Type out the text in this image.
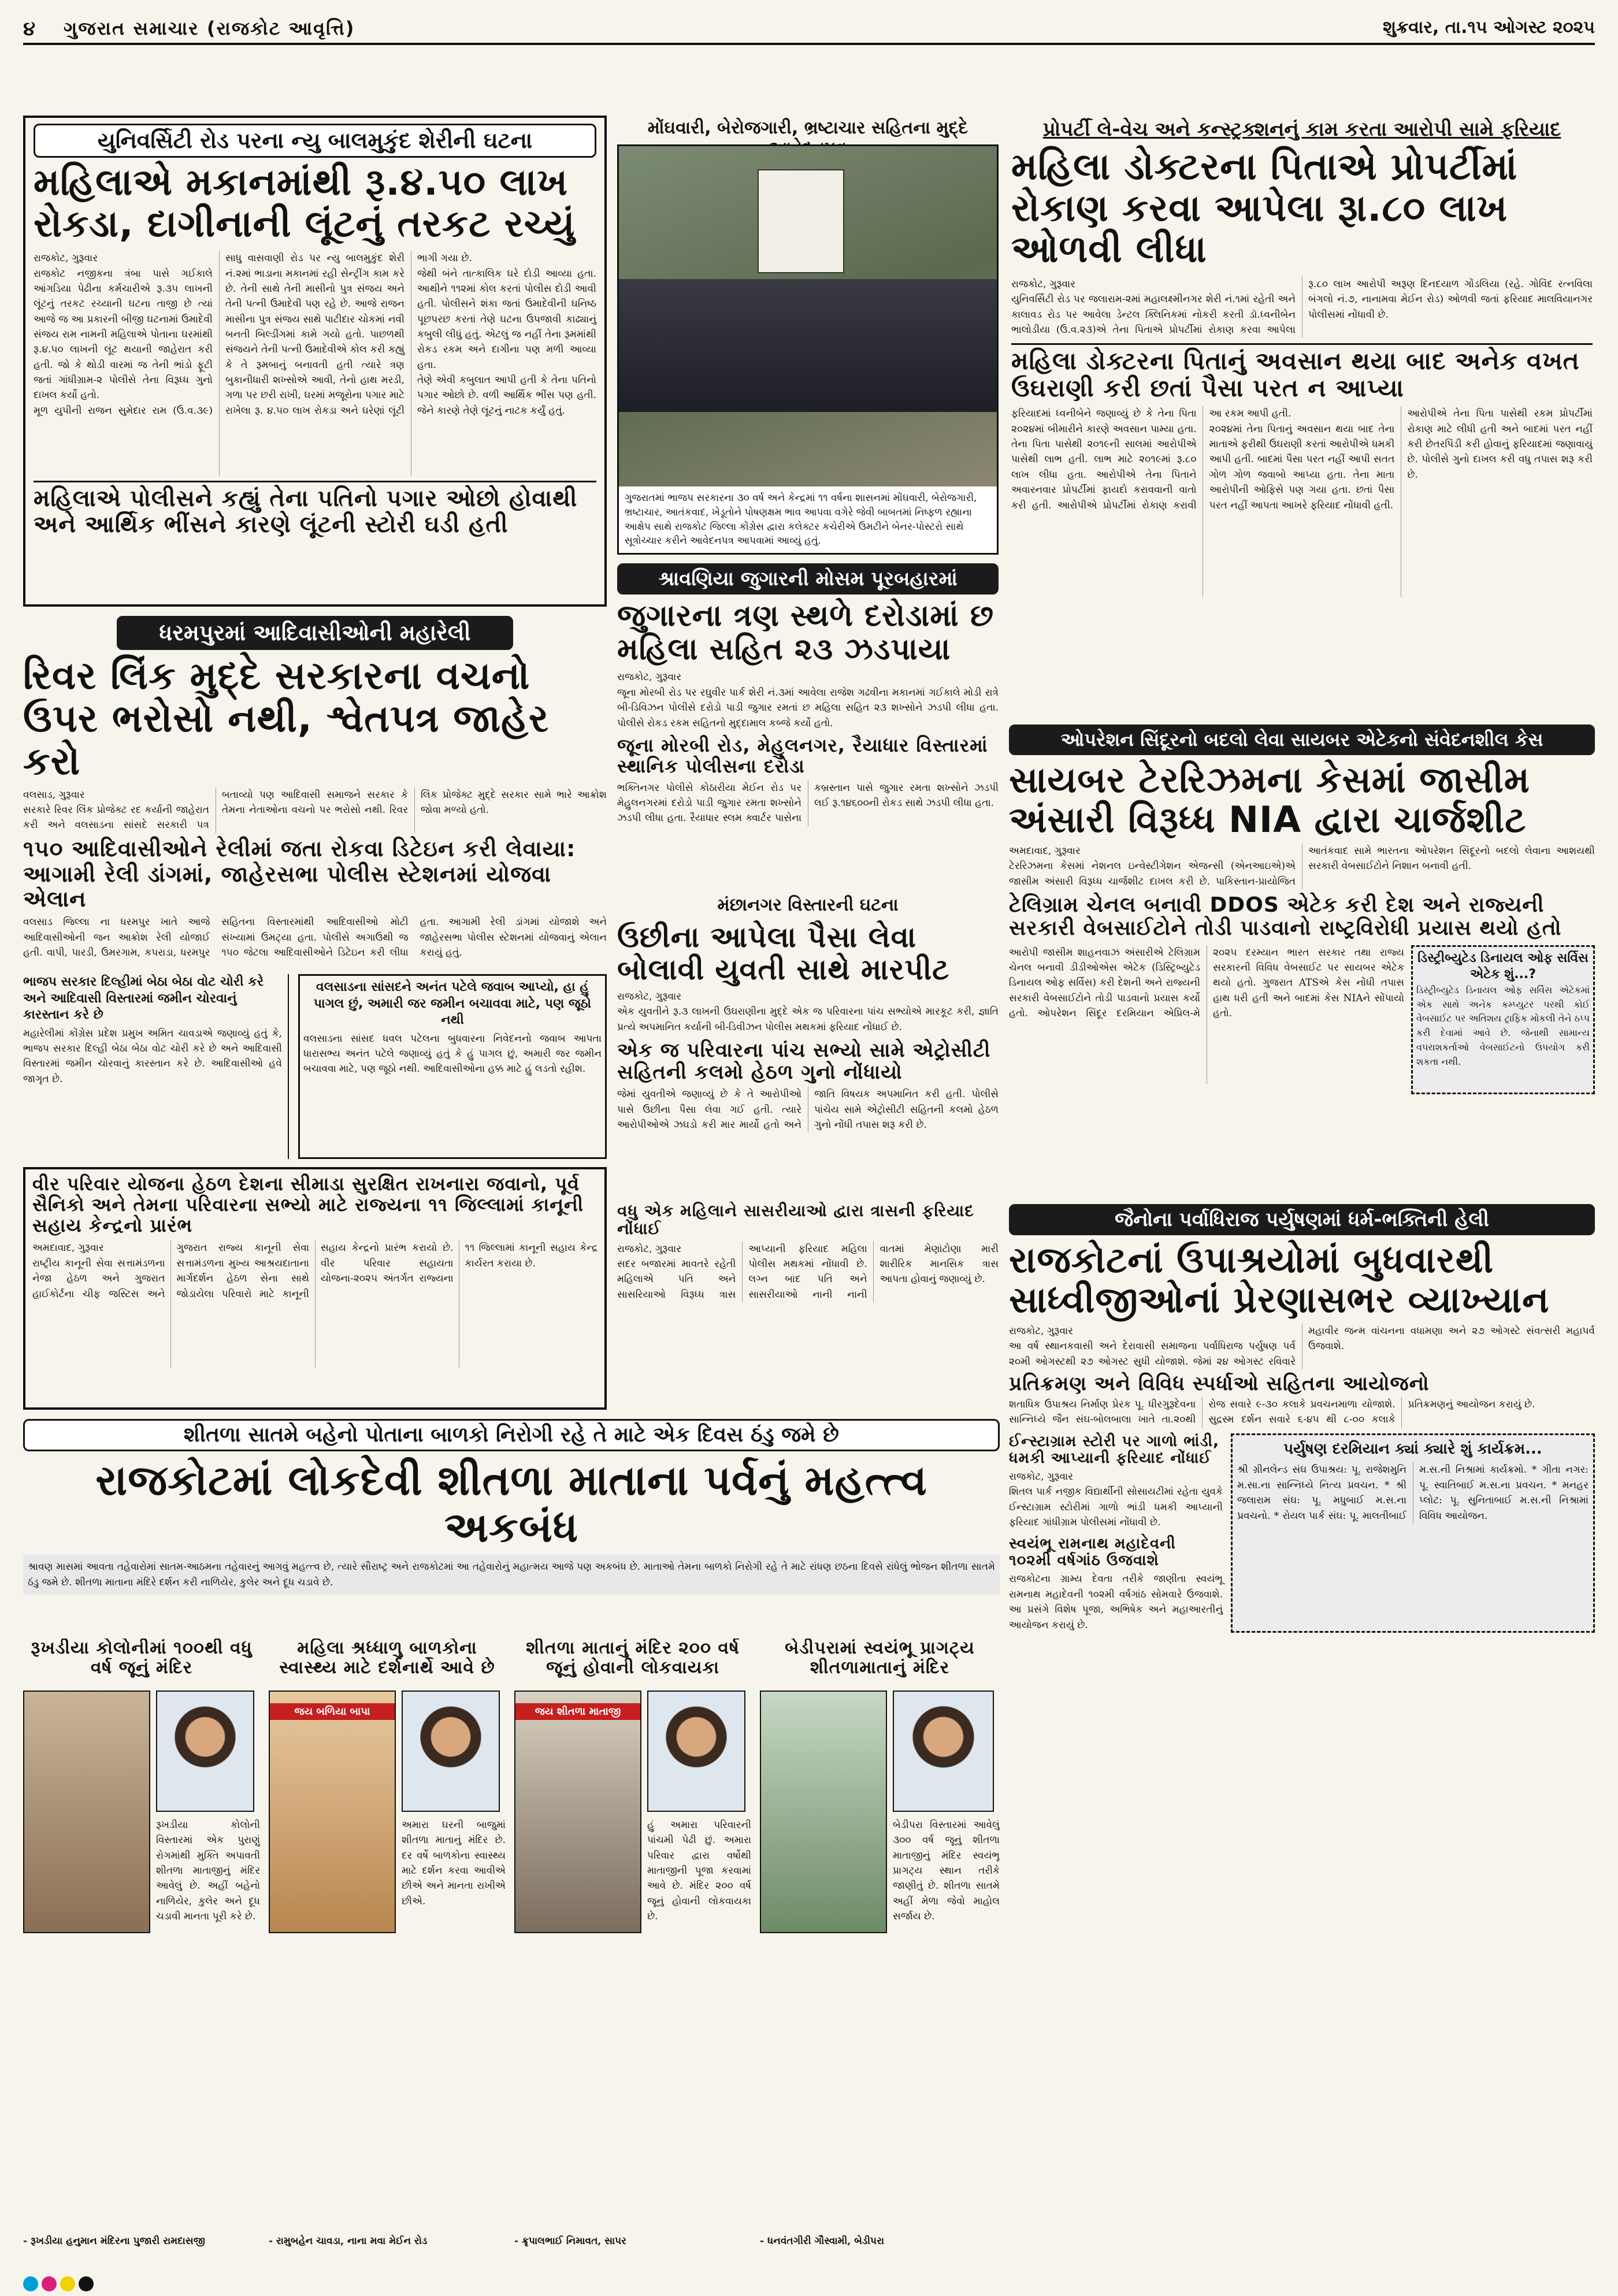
૪ ગુજરાત સમાચાર (રાજકોટ આવૃત્તિ)	શુક્રવાર, તા.૧૫ ઓગસ્ટ ૨૦૨૫
યુનિવર્સિટી રોડ પરના ન્યુ બાલમુકુંદ શેરીની ઘટના
મહિલાએ મકાનમાંથી રૂ.૪.૫૦ લાખ રોકડા, દાગીનાની લૂંટનું તરકટ રચ્યું
રાજકોટ, ગુરૂવાર
રાજકોટ નજીકના ત્રંબા પાસે ગઈકાલે આંગડિયા પેઢીના કર્મચારીએ રૂ.૩૫ લાખની લૂંટનું તરકટ રચ્યાની ઘટના તાજી છે ત્યાં આજે જ આ પ્રકારની બીજી ઘટનામાં ઉમાદેવી સંજય રામ નામની મહિલાએ પોતાના ઘરમાંથી રૂ.૪.૫૦ લાખની લૂંટ થયાની જાહેરાત કરી હતી. જો કે થોડી વારમાં જ તેની ભાંડો ફૂટી જતાં ગાંધીગ્રામ-૨ પોલીસે તેના વિરૂધ્ધ ગુનો દાખલ કર્યો હતો.
મૂળ યુપીની રાજન સુમેદાર રામ (ઉ.વ.૩૯) સાધુ વાસવાણી રોડ પર ન્યુ બાલમુકુંદ શેરી નં.૨માં ભાડાના મકાનમાં રહી સેન્ટ્રીંગ કામ કરે છે. તેની સાથે તેની માસીનો પુત્ર સંજય અને તેની પત્ની ઉમાદેવી પણ રહે છે. આજે રાજન માસીના પુત્ર સંજય સાથે પાટીદાર ચોકમાં નવી બનતી બિલ્ડીંગમાં કામે ગયો હતો. પાછળથી સંજયને તેની પત્ની ઉમાદેવીએ કોલ કરી કહ્યું કે તે રૂમબાનું બનાવતી હતી ત્યારે ત્રણ બુકાનીધારી શખ્સોએ આવી, તેનો હાથ મરડી, ગળા પર છરી રાખી, ઘરમાં મજૂરોના પગાર માટે રાખેલા રૂ. ૪.૫૦ લાખ રોકડા અને ઘરેણાં લૂંટી ભાગી ગયા છે.
જેથી બંને તાત્કાલિક ઘરે દોડી આવ્યા હતા. આથીને ૧૧૨માં કોલ કરતાં પોલીસ દોડી આવી હતી. પોલીસને શંકા જતાં ઉમાદેવીની ઘનિષ્ઠ પૂછપરછ કરતાં તેણે ઘટના ઉપજાવી કાઢ્યાનું કબુલી લીધું હતું. એટલું જ નહીં તેના રૂમમાંથી રોકડ રકમ અને દાગીના પણ મળી આવ્યા હતા.
તેણે એવી કબુલાત આપી હતી કે તેના પતિનો પગાર ઓછો છે. વળી આર્થિક ભીંસ પણ હતી. જેને કારણે તેણે લૂંટનું નાટક કર્યું હતું.
મહિલાએ પોલીસને કહ્યું તેના પતિનો પગાર ઓછો હોવાથી અને આર્થિક ભીંસને કારણે લૂંટની સ્ટોરી ઘડી હતી
મોંઘવારી, બેરોજગારી, ભ્રષ્ટાચાર સહિતના મુદ્દે
ગુજરાતમાં ભાજપ સરકારના ૩૦ વર્ષ અને કેન્દ્રમાં ૧૧ વર્ષના શાસનમાં મોંઘવારી, બેરોજગારી, ભ્રષ્ટાચાર, આતંકવાદ, ખેડૂતોને પોષણક્ષમ ભાવ આપવા વગેરે જેવી બાબતમાં નિષ્ફળ રહ્યાના આક્ષેપ સાથે રાજકોટ જિલ્લા કોંગ્રેસ દ્વારા કલેક્ટર કચેરીએ ઉમટીને બેનર-પોસ્ટરો સાથે સૂત્રોચ્ચાર કરીને આવેદનપત્ર આપવામાં આવ્યું હતું.
પ્રોપર્ટી લે-વેચ અને કન્સ્ટ્રક્શનનું કામ કરતા આરોપી સામે ફરિયાદ
મહિલા ડોક્ટરના પિતાએ પ્રોપર્ટીમાં રોકાણ કરવા આપેલા રૂા.૮૦ લાખ ઓળવી લીધા
રાજકોટ, ગુરૂવાર
યુનિવર્સિટી રોડ પર જલારામ-૨માં મહાલક્ષ્મીનગર શેરી નં.૧માં રહેતી અને કાલાવડ રોડ પર આવેલા ડેન્ટલ ક્લિનિકમાં નોકરી કરતી ડૉ.ધ્વનીબેન ભાલોડીયા (ઉ.વ.૨૩)એ તેના પિતાએ પ્રોપર્ટીમાં રોકાણ કરવા આપેલા રૂ.૮૦ લાખ આરોપી અરૂણ દિનદયાળ ગોંડલિયા (રહે. ગોવિંદ રત્નવિલા બંગલો નં.૭, નાનામવા મેઈન રોડ) ઓળવી જતાં ફરિયાદ માલવિયાનગર પોલીસમાં નોંધાવી છે.
મહિલા ડોક્ટરના પિતાનું અવસાન થયા બાદ અનેક વખત ઉઘરાણી કરી છતાં પૈસા પરત ન આપ્યા
ફરિયાદમાં ધ્વનીબેને જણાવ્યું છે કે તેના પિતા ૨૦૨૪માં બીમારીને કારણે અવસાન પામ્યા હતા. તેના પિતા પાસેથી ૨૦૧૯ની સાલમાં આરોપીએ પાસેથી લાભ હતી. લાભ માટે ૨૦૧૯માં રૂ.૮૦ લાખ લીધા હતા. આરોપીએ તેના પિતાને અવારનવાર પ્રોપર્ટીમાં ફાયદો કરાવવાની વાતો કરી હતી. આરોપીએ પ્રોપર્ટીમાં રોકાણ કરાવી આ રકમ આપી હતી.
૨૦૨૪માં તેના પિતાનું અવસાન થયા બાદ તેના માતાએ ફરીથી ઉઘરાણી કરતાં આરોપીએ ધમકી આપી હતી. બાદમાં પૈસા પરત નહીં આપી સતત ગોળ ગોળ જવાબો આપ્યા હતા. તેના માતા આરોપીની ઓફિસે પણ ગયા હતા. છતાં પૈસા પરત નહીં આપતા આખરે ફરિયાદ નોંધાવી હતી.
આરોપીએ તેના પિતા પાસેથી રકમ પ્રોપર્ટીમાં રોકાણ માટે લીધી હતી અને બાદમાં પરત નહીં કરી છેતરપિંડી કરી હોવાનું ફરિયાદમાં જણાવાયું છે. પોલીસે ગુનો દાખલ કરી વધુ તપાસ શરૂ કરી છે.
શ્રાવણિયા જુગારની મોસમ પૂરબહારમાં
જુગારના ત્રણ સ્થળે દરોડામાં છ મહિલા સહિત ૨૩ ઝડપાયા
રાજકોટ, ગુરૂવાર
જૂના મોરબી રોડ પર રઘુવીર પાર્ક શેરી નં.૩માં આવેલા રાજેશ ગઢવીના મકાનમાં ગઈકાલે મોડી રાત્રે બી-ડિવિઝન પોલીસે દરોડો પાડી જુગાર રમતાં છ મહિલા સહિત ૨૩ શખ્સોને ઝડપી લીધા હતા. પોલીસે રોકડ રકમ સહિતનો મુદ્દામાલ કબ્જે કર્યો હતો.
જૂના મોરબી રોડ, મેહુલનગર, રૈયાધાર વિસ્તારમાં સ્થાનિક પોલીસના દરોડા
ભક્તિનગર પોલીસે કોઠારીયા મેઈન રોડ પર મેહુલનગરમાં દરોડો પાડી જુગાર રમતા શખ્સોને ઝડપી લીધા હતા. રૈયાધાર સ્લમ ક્વાર્ટર પાસેના કબ્રસ્તાન પાસે જુગાર રમતા શખ્સોને ઝડપી લઈ રૂ.૧૪૬૦૦ની રોકડ સાથે ઝડપી લીધા હતા.
ધરમપુરમાં આદિવાસીઓની મહારેલી
રિવર લિંક મુદ્દે સરકારના વચનો ઉપર ભરોસો નથી, શ્વેતપત્ર જાહેર કરો
વલસાડ, ગુરૂવાર
સરકારે રિવર લિંક પ્રોજેક્ટ રદ કર્યાની જાહેરાત કરી અને વલસાડના સાંસદે સરકારી પત્ર બતાવ્યો પણ આદિવાસી સમાજને સરકાર કે તેમના નેતાઓના વચનો પર ભરોસો નથી. રિવર લિંક પ્રોજેક્ટ મુદ્દે સરકાર સામે ભારે આક્રોશ જોવા મળ્યો હતો.
૧૫૦ આદિવાસીઓને રેલીમાં જતા રોકવા ડિટેઇન કરી લેવાયા:
આગામી રેલી ડાંગમાં, જાહેરસભા પોલીસ સ્ટેશનમાં યોજવા એલાન
વલસાડ જિલ્લા ના ધરમપુર ખાતે આજે આદિવાસીઓની જન આક્રોશ રેલી યોજાઈ હતી. વાપી, પારડી, ઉમરગામ, કપરાડા, ધરમપુર સહિતના વિસ્તારમાંથી આદિવાસીઓ મોટી સંખ્યામાં ઉમટ્યા હતા. પોલીસે અગાઉથી જ ૧૫૦ જેટલા આદિવાસીઓને ડિટેઇન કરી લીધા હતા. આગામી રેલી ડાંગમાં યોજાશે અને જાહેરસભા પોલીસ સ્ટેશનમાં યોજવાનું એલાન કરાયું હતું.
ભાજપ સરકાર દિલ્હીમાં બેઠા બેઠા વોટ ચોરી કરે અને આદિવાસી વિસ્તારમાં જમીન ચોરવાનું કારસ્તાન કરે છે
મહારેલીમાં કોંગ્રેસ પ્રદેશ પ્રમુખ અમિત ચાવડાએ જણાવ્યું હતું કે, ભાજપ સરકાર દિલ્હી બેઠા બેઠા વોટ ચોરી કરે છે અને આદિવાસી વિસ્તારમાં જમીન ચોરવાનું કારસ્તાન કરે છે. આદિવાસીઓ હવે જાગૃત છે.
વલસાડના સાંસદને અનંત પટેલે જવાબ આપ્યો, હા હું પાગલ છું, અમારી જર જમીન બચાવવા માટે, પણ જૂઠો નથી
વલસાડના સાંસદ ધવલ પટેલના બુધવારના નિવેદનનો જવાબ આપતા ધારાસભ્ય અનંત પટેલે જણાવ્યું હતું કે હું પાગલ છું, અમારી જર જમીન બચાવવા માટે, પણ જૂઠો નથી. આદિવાસીઓના હક્ક માટે હું લડતો રહીશ.
ઓપરેશન સિંદૂરનો બદલો લેવા સાયબર એટેકનો સંવેદનશીલ કેસ
સાયબર ટેરરિઝમના કેસમાં જાસીમ અંસારી વિરૂધ્ધ NIA દ્વારા ચાર્જશીટ
અમદાવાદ, ગુરૂવાર
ટેરરિઝમના કેસમાં નેશનલ ઇન્વેસ્ટીગેશન એજન્સી (એનઆઇએ)એ જાસીમ અંસારી વિરૂધ્ધ ચાર્જશીટ દાખલ કરી છે. પાકિસ્તાન-પ્રાયોજિત આતંકવાદ સામે ભારતના ઓપરેશન સિંદૂરનો બદલો લેવાના આશયથી સરકારી વેબસાઈટોને નિશાન બનાવી હતી.
ટેલિગ્રામ ચેનલ બનાવી DDOS એટેક કરી દેશ અને રાજ્યની સરકારી વેબસાઈટોને તોડી પાડવાનો રાષ્ટ્રવિરોધી પ્રયાસ થયો હતો
આરોપી જાસીમ શાહનવાઝ અંસારીએ ટેલિગ્રામ ચેનલ બનાવી ડીડીઓએસ એટેક (ડિસ્ટ્રિબ્યુટેડ ડિનાયલ ઓફ સર્વિસ) કરી દેશની અને રાજ્યની સરકારી વેબસાઈટોને તોડી પાડવાનો પ્રયાસ કર્યો હતો. ઓપરેશન સિંદૂર દરમિયાન એપ્રિલ-મે ૨૦૨૫ દરમ્યાન ભારત સરકાર તથા રાજ્ય સરકારની વિવિધ વેબસાઈટ પર સાયબર એટેક થયો હતો. ગુજરાત ATSએ કેસ નોંધી તપાસ હાથ ધરી હતી અને બાદમાં કેસ NIAને સોંપાયો હતો.
ડિસ્ટ્રીબ્યુટેડ ડિનાયલ ઓફ સર્વિસ એટેક શું...?
ડિસ્ટ્રીબ્યુટેડ ડિનાયલ ઓફ સર્વિસ એટેકમાં એક સાથે અનેક કમ્પ્યુટર પરથી કોઈ વેબસાઈટ પર અતિશય ટ્રાફિક મોકલી તેને ઠપ્પ કરી દેવામાં આવે છે. જેનાથી સામાન્ય વપરાશકર્તાઓ વેબસાઈટનો ઉપયોગ કરી શકતા નથી.
મંછાનગર વિસ્તારની ઘટના
ઉછીના આપેલા પૈસા લેવા બોલાવી યુવતી સાથે મારપીટ
રાજકોટ, ગુરૂવાર
એક યુવતીને રૂ.૩ લાખની ઉઘરાણીના મુદ્દે એક જ પરિવારના પાંચ સભ્યોએ મારકૂટ કરી, જ્ઞાતિ પ્રત્યે અપમાનિત કર્યાની બી-ડિવીઝન પોલીસ મથકમાં ફરિયાદ નોંધાઈ છે.
એક જ પરિવારના પાંચ સભ્યો સામે એટ્રોસીટી સહિતની કલમો હેઠળ ગુનો નોંધાયો
જેમાં યુવતીએ જણાવ્યું છે કે તે આરોપીઓ પાસે ઉછીના પૈસા લેવા ગઈ હતી. ત્યારે આરોપીઓએ ઝઘડો કરી માર માર્યો હતો અને જાતિ વિષયક અપમાનિત કરી હતી. પોલીસે પાંચેય સામે એટ્રોસીટી સહિતની કલમો હેઠળ ગુનો નોંધી તપાસ શરૂ કરી છે.
વીર પરિવાર યોજના હેઠળ દેશના સીમાડા સુરક્ષિત રાખનારા જવાનો, પૂર્વ સૈનિકો અને તેમના પરિવારના સભ્યો માટે રાજ્યના ૧૧ જિલ્લામાં કાનૂની સહાય કેન્દ્રનો પ્રારંભ
અમદાવાદ, ગુરૂવાર
રાષ્ટ્રીય કાનૂની સેવા સત્તામંડળના નેજા હેઠળ અને ગુજરાત હાઈકોર્ટના ચીફ જસ્ટિસ અને ગુજરાત રાજ્ય કાનૂની સેવા સત્તામંડળના મુખ્ય આશ્રયદાતાના માર્ગદર્શન હેઠળ સેના સાથે જોડાયેલા પરિવારો માટે કાનૂની સહાય કેન્દ્રનો પ્રારંભ કરાયો છે. વીર પરિવાર સહાયતા યોજના-૨૦૨૫ અંતર્ગત રાજ્યના ૧૧ જિલ્લામાં કાનૂની સહાય કેન્દ્ર કાર્યરત કરાયા છે.
વધુ એક મહિલાને સાસરીયાઓ દ્વારા ત્રાસની ફરિયાદ નોંધાઈ
રાજકોટ, ગુરૂવાર
સદર બજારમાં માવતરે રહેતી મહિલાએ પતિ અને સાસરિયાઓ વિરૂધ્ધ ત્રાસ આપ્યાની ફરિયાદ મહિલા પોલીસ મથકમાં નોંધાવી છે. લગ્ન બાદ પતિ અને સાસરીયાઓ નાની નાની વાતમાં મેણાંટોણા મારી શારીરિક માનસિક ત્રાસ આપતા હોવાનું જણાવ્યું છે.
જૈનોના પર્વાધિરાજ પર્યુષણમાં ધર્મ-ભક્તિની હેલી
રાજકોટનાં ઉપાશ્રયોમાં બુધવારથી સાધ્વીજીઓનાં પ્રેરણાસભર વ્યાખ્યાન
રાજકોટ, ગુરૂવાર
આ વર્ષ સ્થાનકવાસી અને દેરાવાસી સમાજના પર્વાધિરાજ પર્યુષણ પર્વ ૨૦મી ઓગસ્ટથી ૨૭ ઓગસ્ટ સુધી યોજાશે. જેમાં ૨૪ ઓગસ્ટ રવિવારે મહાવીર જન્મ વાંચનના વધામણા અને ૨૭ ઓગસ્ટે સંવત્સરી મહાપર્વ ઉજવાશે.
પ્રતિક્રમણ અને વિવિધ સ્પર્ધાઓ સહિતના આયોજનો
શતાધિક ઉપાશ્રય નિર્માણ પ્રેરક પૂ. ધીરગુરૂદેવના સાન્નિધ્યે જૈન સંઘ-બોલબાલા ખાતે તા.૨૦થી રોજ સવારે ૯-૩૦ કલાકે પ્રવચનમાળા યોજાશે. સુદ્રસ્મ દર્શન સવારે ૬-૪૫ થી ૮-૦૦ કલાકે પ્રતિક્રમણનું આયોજન કરાયું છે.
ઈન્સ્ટાગ્રામ સ્ટોરી પર ગાળો ભાંડી, ધમકી આપ્યાની ફરિયાદ નોંધાઈ
રાજકોટ, ગુરૂવાર
શિતલ પાર્ક નજીક વિદ્યાર્થીની સોસાયટીમાં રહેતા યુવકે ઈન્સ્ટાગ્રામ સ્ટોરીમાં ગાળો ભાંડી ધમકી આપ્યાની ફરિયાદ ગાંધીગ્રામ પોલીસમાં નોંધાવી છે.
સ્વયંભૂ રામનાથ મહાદેવની ૧૦૨મી વર્ષગાંઠ ઉજવાશે
રાજકોટના ગ્રામ્ય દેવતા તરીકે જાણીતા સ્વયંભૂ રામનાથ મહાદેવની ૧૦૨મી વર્ષગાંઠ સોમવારે ઉજવાશે. આ પ્રસંગે વિશેષ પૂજા, અભિષેક અને મહાઆરતીનું આયોજન કરાયું છે.
પર્યુષણ દરમિયાન ક્યાં ક્યારે શું કાર્યક્રમ...
શ્રી ગ્રીનલેન્ડ સંઘ ઉપાશ્રય: પૂ. રાજેશમુનિ મ.સા.ના સાન્નિધ્યે નિત્ય પ્રવચન. * શ્રી જલારામ સંઘ: પૂ. મધુબાઈ મ.સ.ના પ્રવચનો. * રોયલ પાર્ક સંઘ: પૂ. માલતીબાઈ મ.સ.ની નિશ્રામાં કાર્યક્રમો. * ગીતા નગર: પૂ. સ્વાતિબાઈ મ.સ.ના પ્રવચન. * મનહર પ્લોટ: પૂ. સુનિતાબાઈ મ.સ.ની નિશ્રામાં વિવિધ આયોજન.
શીતળા સાતમે બહેનો પોતાના બાળકો નિરોગી રહે તે માટે એક દિવસ ઠંડુ જમે છે
રાજકોટમાં લોકદેવી શીતળા માતાના પર્વનું મહત્ત્વ અકબંધ
શ્રાવણ માસમાં આવતા તહેવારોમાં સાતમ-આઠમના તહેવારનું આગવું મહત્ત્વ છે, ત્યારે સૌરાષ્ટ્ર અને રાજકોટમાં આ તહેવારોનું મહાત્મય આજે પણ અકબંધ છે. માતાઓ તેમના બાળકો નિરોગી રહે તે માટે રાંધણ છઠના દિવસે રાંધેલું ભોજન શીતળા સાતમે ઠંડુ જમે છે. શીતળા માતાના મંદિરે દર્શન કરી નાળિયેર, કુલેર અને દૂધ ચડાવે છે.
રૂખડીયા કોલોનીમાં ૧૦૦થી વધુ વર્ષ જૂનું મંદિર
રૂખડીયા કોલોની વિસ્તારમાં એક પુરાણું રોગમાંથી મુક્તિ અપાવતી શીતળા માતાજીનું મંદિર આવેલું છે. અહીં બહેનો નાળિયેર, કુલેર અને દૂધ ચડાવી માનતા પૂરી કરે છે.
- રૂખડીયા હનુમાન મંદિરના પુજારી રામદાસજી
મહિલા શ્રધ્ધાળુ બાળકોના સ્વાસ્થ્ય માટે દર્શનાર્થે આવે છે
જય બળિયા બાપા
અમારા ઘરની બાજુમાં શીતળા માતાનું મંદિર છે. દર વર્ષે બાળકોના સ્વાસ્થ્ય માટે દર્શન કરવા આવીએ છીએ અને માનતા રાખીએ છીએ.
- રામુબહેન ચાવડા, નાના મવા મેઈન રોડ
શીતળા માતાનું મંદિર ૨૦૦ વર્ષ જૂનું હોવાની લોકવાયકા
જય શીતળા માતાજી
હું અમારા પરિવારની પાંચમી પેઢી છું. અમારા પરિવાર દ્વારા વર્ષોથી માતાજીની પૂજા કરવામાં આવે છે. મંદિર ૨૦૦ વર્ષ જૂનું હોવાની લોકવાયકા છે.
- ક્રૃપાલભાઈ નિમાવત, સાપર
બેડીપરામાં સ્વયંભૂ પ્રાગટ્ય શીતળામાતાનું મંદિર
બેડીપરા વિસ્તારમાં આવેલું ૩૦૦ વર્ષ જૂનું શીતળા માતાજીનું મંદિર સ્વયંભૂ પ્રાગટ્ય સ્થાન તરીકે જાણીતું છે. શીતળા સાતમે અહીં મેળા જેવો માહોલ સર્જાય છે.
- ધનવંતગીરી ગૌસ્વામી, બેડીપરા
